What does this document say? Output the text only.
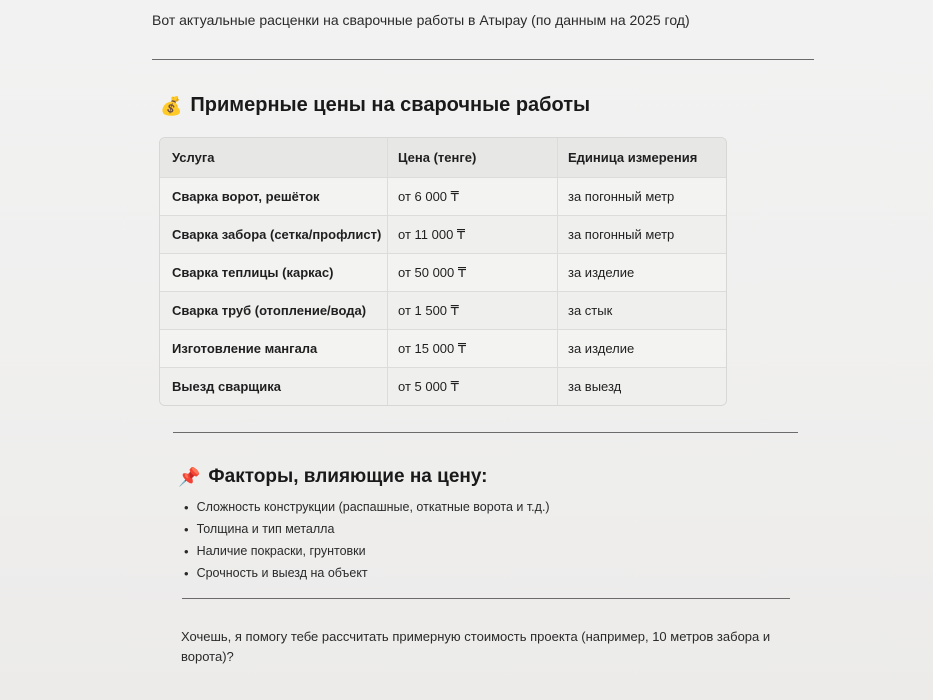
Вот актуальные расценки на сварочные работы в Атырау (по данным на 2025 год)
💰 Примерные цены на сварочные работы
Услуга	Цена (тенге)	Единица измерения
Сварка ворот, решёток	от 6 000 ₸	за погонный метр
Сварка забора (сетка/профлист)	от 11 000 ₸	за погонный метр
Сварка теплицы (каркас)	от 50 000 ₸	за изделие
Сварка труб (отопление/вода)	от 1 500 ₸	за стык
Изготовление мангала	от 15 000 ₸	за изделие
Выезд сварщика	от 5 000 ₸	за выезд
📌 Факторы, влияющие на цену:
• Сложность конструкции (распашные, откатные ворота и т.д.)
• Толщина и тип металла
• Наличие покраски, грунтовки
• Срочность и выезд на объект
Хочешь, я помогу тебе рассчитать примерную стоимость проекта (например, 10 метров забора и ворота)?
